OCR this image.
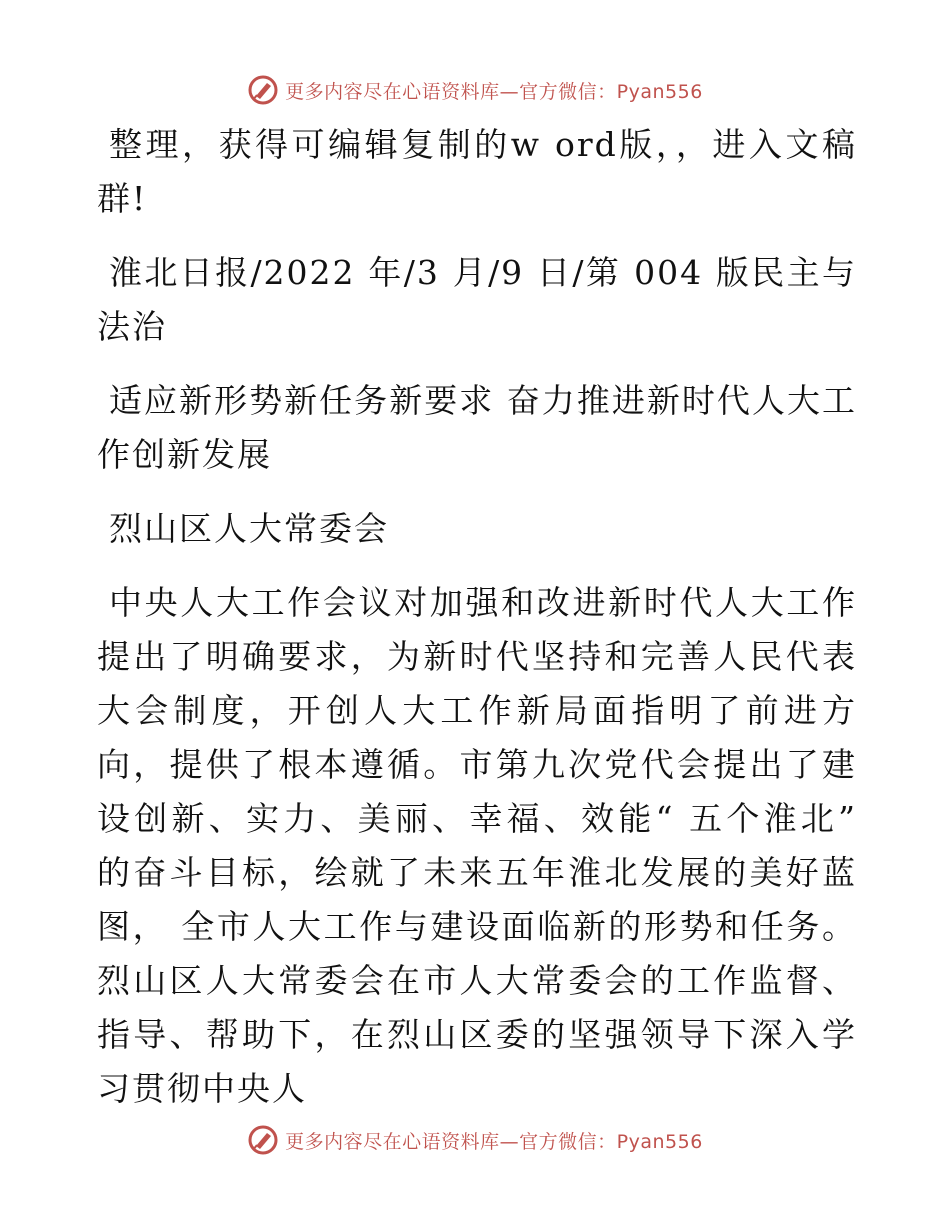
更多内容尽在心语资料库—官方微信：Pyan556

整理，获得可编辑复制的w ord版，，进入文稿群!

淮北日报/2022 年/3 月/9 日/第 004 版民主与法治

适应新形势新任务新要求 奋力推进新时代人大工作创新发展

烈山区人大常委会

中央人大工作会议对加强和改进新时代人大工作提出了明确要求，为新时代坚持和完善人民代表大会制度，开创人大工作新局面指明了前进方向，提供了根本遵循。市第九次党代会提出了建设创新、实力、美丽、幸福、效能“ 五个淮北” 的奋斗目标，绘就了未来五年淮北发展的美好蓝图， 全市人大工作与建设面临新的形势和任务。 烈山区人大常委会在市人大常委会的工作监督、指导、帮助下，在烈山区委的坚强领导下深入学习贯彻中央人

更多内容尽在心语资料库—官方微信：Pyan556
